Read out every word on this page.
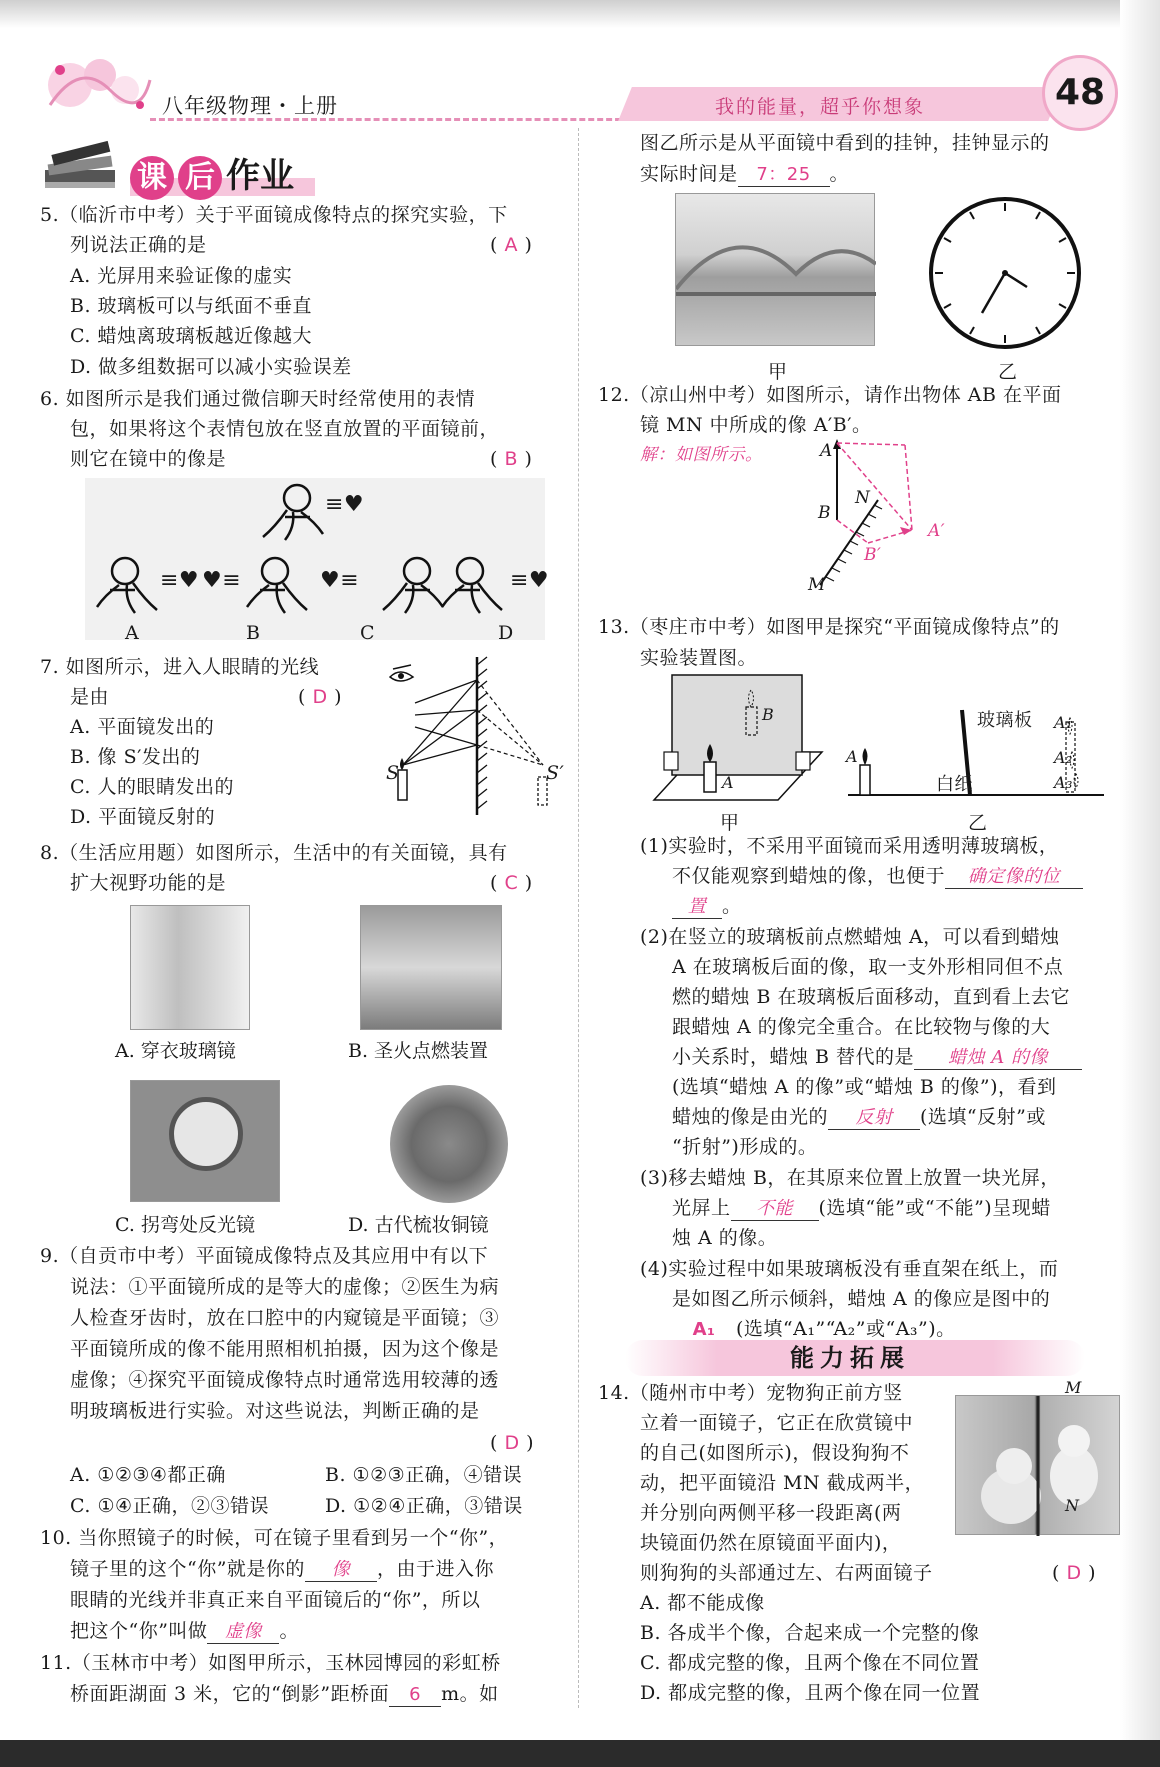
八年级物理・上册	我的能量，超乎你想象	48
课 后 作业
5.（临沂市中考）关于平面镜成像特点的探究实验，下
列说法正确的是	( A )
A. 光屏用来验证像的虚实
B. 玻璃板可以与纸面不垂直
C. 蜡烛离玻璃板越近像越大
D. 做多组数据可以减小实验误差
6. 如图所示是我们通过微信聊天时经常使用的表情
包，如果将这个表情包放在竖直放置的平面镜前，
则它在镜中的像是	( B )
≡♥
≡♥ ♥≡	♥≡	≡♥
A	B	C	D
7. 如图所示，进入人眼睛的光线
是由	( D )
A. 平面镜发出的
B. 像 S′发出的
C. 人的眼睛发出的
D. 平面镜反射的
S	S′
8.（生活应用题）如图所示，生活中的有关面镜，具有
扩大视野功能的是	( C )
A. 穿衣玻璃镜	B. 圣火点燃装置
C. 拐弯处反光镜	D. 古代梳妆铜镜
9.（自贡市中考）平面镜成像特点及其应用中有以下
说法：①平面镜所成的是等大的虚像；②医生为病
人检查牙齿时，放在口腔中的内窥镜是平面镜；③
平面镜所成的像不能用照相机拍摄，因为这个像是
虚像；④探究平面镜成像特点时通常选用较薄的透
明玻璃板进行实验。对这些说法，判断正确的是
( D )
A. ①②③④都正确	B. ①②③正确，④错误
C. ①④正确，②③错误	D. ①②④正确，③错误
10. 当你照镜子的时候，可在镜子里看到另一个“你”，
镜子里的这个“你”就是你的 像 ，由于进入你
眼睛的光线并非真正来自平面镜后的“你”，所以
把这个“你”叫做 虚像 。
11.（玉林市中考）如图甲所示，玉林园博园的彩虹桥
桥面距湖面 3 米，它的“倒影”距桥面 6 m。如
图乙所示是从平面镜中看到的挂钟，挂钟显示的
实际时间是 7：25 。
甲	乙
12.（凉山州中考）如图所示，请作出物体 AB 在平面
镜 MN 中所成的像 A′B′。
解：如图所示。	A
B
N
M
A′
B′
13.（枣庄市中考）如图甲是探究“平面镜成像特点”的
实验装置图。
A
B
甲
玻璃板
白纸
A
A₁
A₂
A₃
乙
(1)实验时，不采用平面镜而采用透明薄玻璃板，
不仅能观察到蜡烛的像，也便于 确定像的位
置 。
(2)在竖立的玻璃板前点燃蜡烛 A，可以看到蜡烛
A 在玻璃板后面的像，取一支外形相同但不点
燃的蜡烛 B 在玻璃板后面移动，直到看上去它
跟蜡烛 A 的像完全重合。在比较物与像的大
小关系时，蜡烛 B 替代的是 蜡烛 A 的像
(选填“蜡烛 A 的像”或“蜡烛 B 的像”)，看到
蜡烛的像是由光的 反射 (选填“反射”或
“折射”)形成的。
(3)移去蜡烛 B，在其原来位置上放置一块光屏，
光屏上 不能 (选填“能”或“不能”)呈现蜡
烛 A 的像。
(4)实验过程中如果玻璃板没有垂直架在纸上，而
是如图乙所示倾斜，蜡烛 A 的像应是图中的
A₁ (选填“A₁”“A₂”或“A₃”)。
能力拓展
14.（随州市中考）宠物狗正前方竖
立着一面镜子，它正在欣赏镜中
的自己(如图所示)，假设狗狗不
动，把平面镜沿 MN 截成两半，
并分别向两侧平移一段距离(两
块镜面仍然在原镜面平面内)，
则狗狗的头部通过左、右两面镜子	( D )
M
N
A. 都不能成像
B. 各成半个像，合起来成一个完整的像
C. 都成完整的像，且两个像在不同位置
D. 都成完整的像，且两个像在同一位置
